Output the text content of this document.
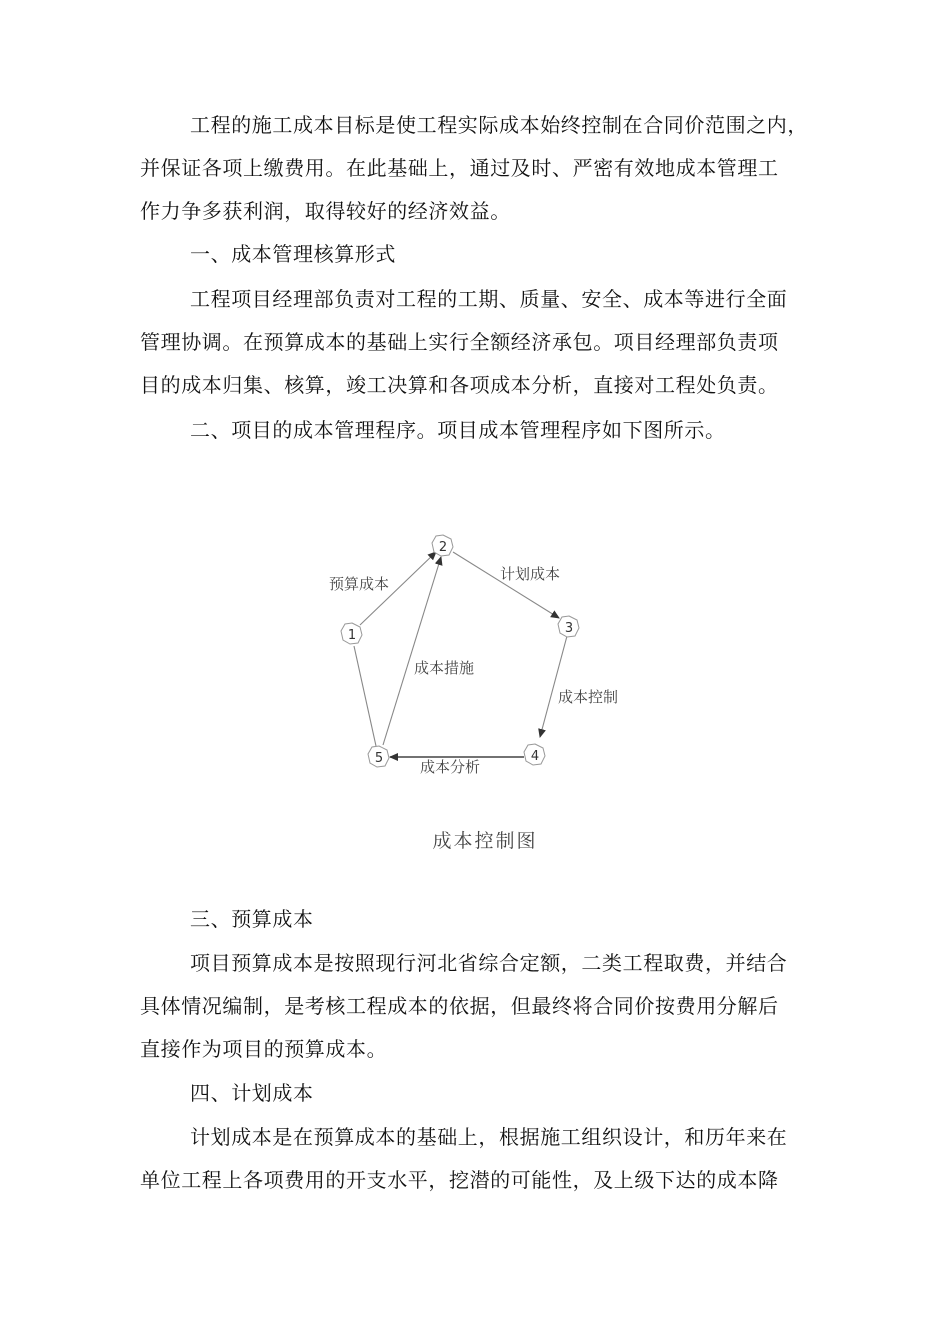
工程的施工成本目标是使工程实际成本始终控制在合同价范围之内，
并保证各项上缴费用。在此基础上，通过及时、严密有效地成本管理工
作力争多获利润，取得较好的经济效益。
一、成本管理核算形式
工程项目经理部负责对工程的工期、质量、安全、成本等进行全面
管理协调。在预算成本的基础上实行全额经济承包。项目经理部负责项
目的成本归集、核算，竣工决算和各项成本分析，直接对工程处负责。
二、项目的成本管理程序。项目成本管理程序如下图所示。
1
2
3
4
5
预算成本
计划成本
成本控制
成本分析
成本措施
成本控制图
三、预算成本
项目预算成本是按照现行河北省综合定额，二类工程取费，并结合
具体情况编制，是考核工程成本的依据，但最终将合同价按费用分解后
直接作为项目的预算成本。
四、计划成本
计划成本是在预算成本的基础上，根据施工组织设计，和历年来在
单位工程上各项费用的开支水平，挖潜的可能性，及上级下达的成本降
